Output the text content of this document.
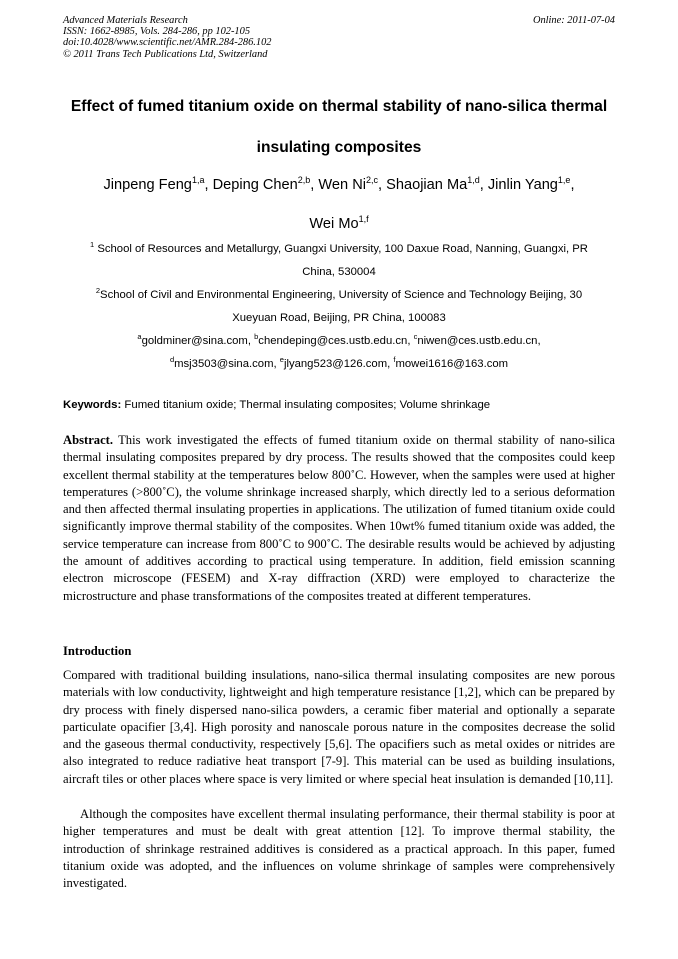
Advanced Materials Research
ISSN: 1662-8985, Vols. 284-286, pp 102-105
doi:10.4028/www.scientific.net/AMR.284-286.102
© 2011 Trans Tech Publications Ltd, Switzerland
Online: 2011-07-04
Effect of fumed titanium oxide on thermal stability of nano-silica thermal
insulating composites
Jinpeng Feng$^{1,a}$, Deping Chen$^{2,b}$, Wen Ni$^{2,c}$, Shaojian Ma$^{1,d}$, Jinlin Yang$^{1,e}$,
Wei Mo$^{1,f}$
$^1$ School of Resources and Metallurgy, Guangxi University, 100 Daxue Road, Nanning, Guangxi, PR
China, 530004
$^2$School of Civil and Environmental Engineering, University of Science and Technology Beijing, 30
Xueyuan Road, Beijing, PR China, 100083
$^a$goldminer@sina.com, $^b$chendeping@ces.ustb.edu.cn, $^c$niwen@ces.ustb.edu.cn,
$^d$msj3503@sina.com, $^e$jlyang523@126.com, $^f$mowei1616@163.com
Keywords: Fumed titanium oxide; Thermal insulating composites; Volume shrinkage
Abstract. This work investigated the effects of fumed titanium oxide on thermal stability of nano-silica thermal insulating composites prepared by dry process. The results showed that the composites could keep excellent thermal stability at the temperatures below 800˚C. However, when the samples were used at higher temperatures (>800˚C), the volume shrinkage increased sharply, which directly led to a serious deformation and then affected thermal insulating properties in applications. The utilization of fumed titanium oxide could significantly improve thermal stability of the composites. When 10wt% fumed titanium oxide was added, the service temperature can increase from 800˚C to 900˚C. The desirable results would be achieved by adjusting the amount of additives according to practical using temperature. In addition, field emission scanning electron microscope (FESEM) and X-ray diffraction (XRD) were employed to characterize the microstructure and phase transformations of the composites treated at different temperatures.
Introduction
Compared with traditional building insulations, nano-silica thermal insulating composites are new porous materials with low conductivity, lightweight and high temperature resistance [1,2], which can be prepared by dry process with finely dispersed nano-silica powders, a ceramic fiber material and optionally a separate particulate opacifier [3,4]. High porosity and nanoscale porous nature in the composites decrease the solid and the gaseous thermal conductivity, respectively [5,6]. The opacifiers such as metal oxides or nitrides are also integrated to reduce radiative heat transport [7-9]. This material can be used as building insulations, aircraft tiles or other places where space is very limited or where special heat insulation is demanded [10,11].
Although the composites have excellent thermal insulating performance, their thermal stability is poor at higher temperatures and must be dealt with great attention [12]. To improve thermal stability, the introduction of shrinkage restrained additives is considered as a practical approach. In this paper, fumed titanium oxide was adopted, and the influences on volume shrinkage of samples were comprehensively investigated.
